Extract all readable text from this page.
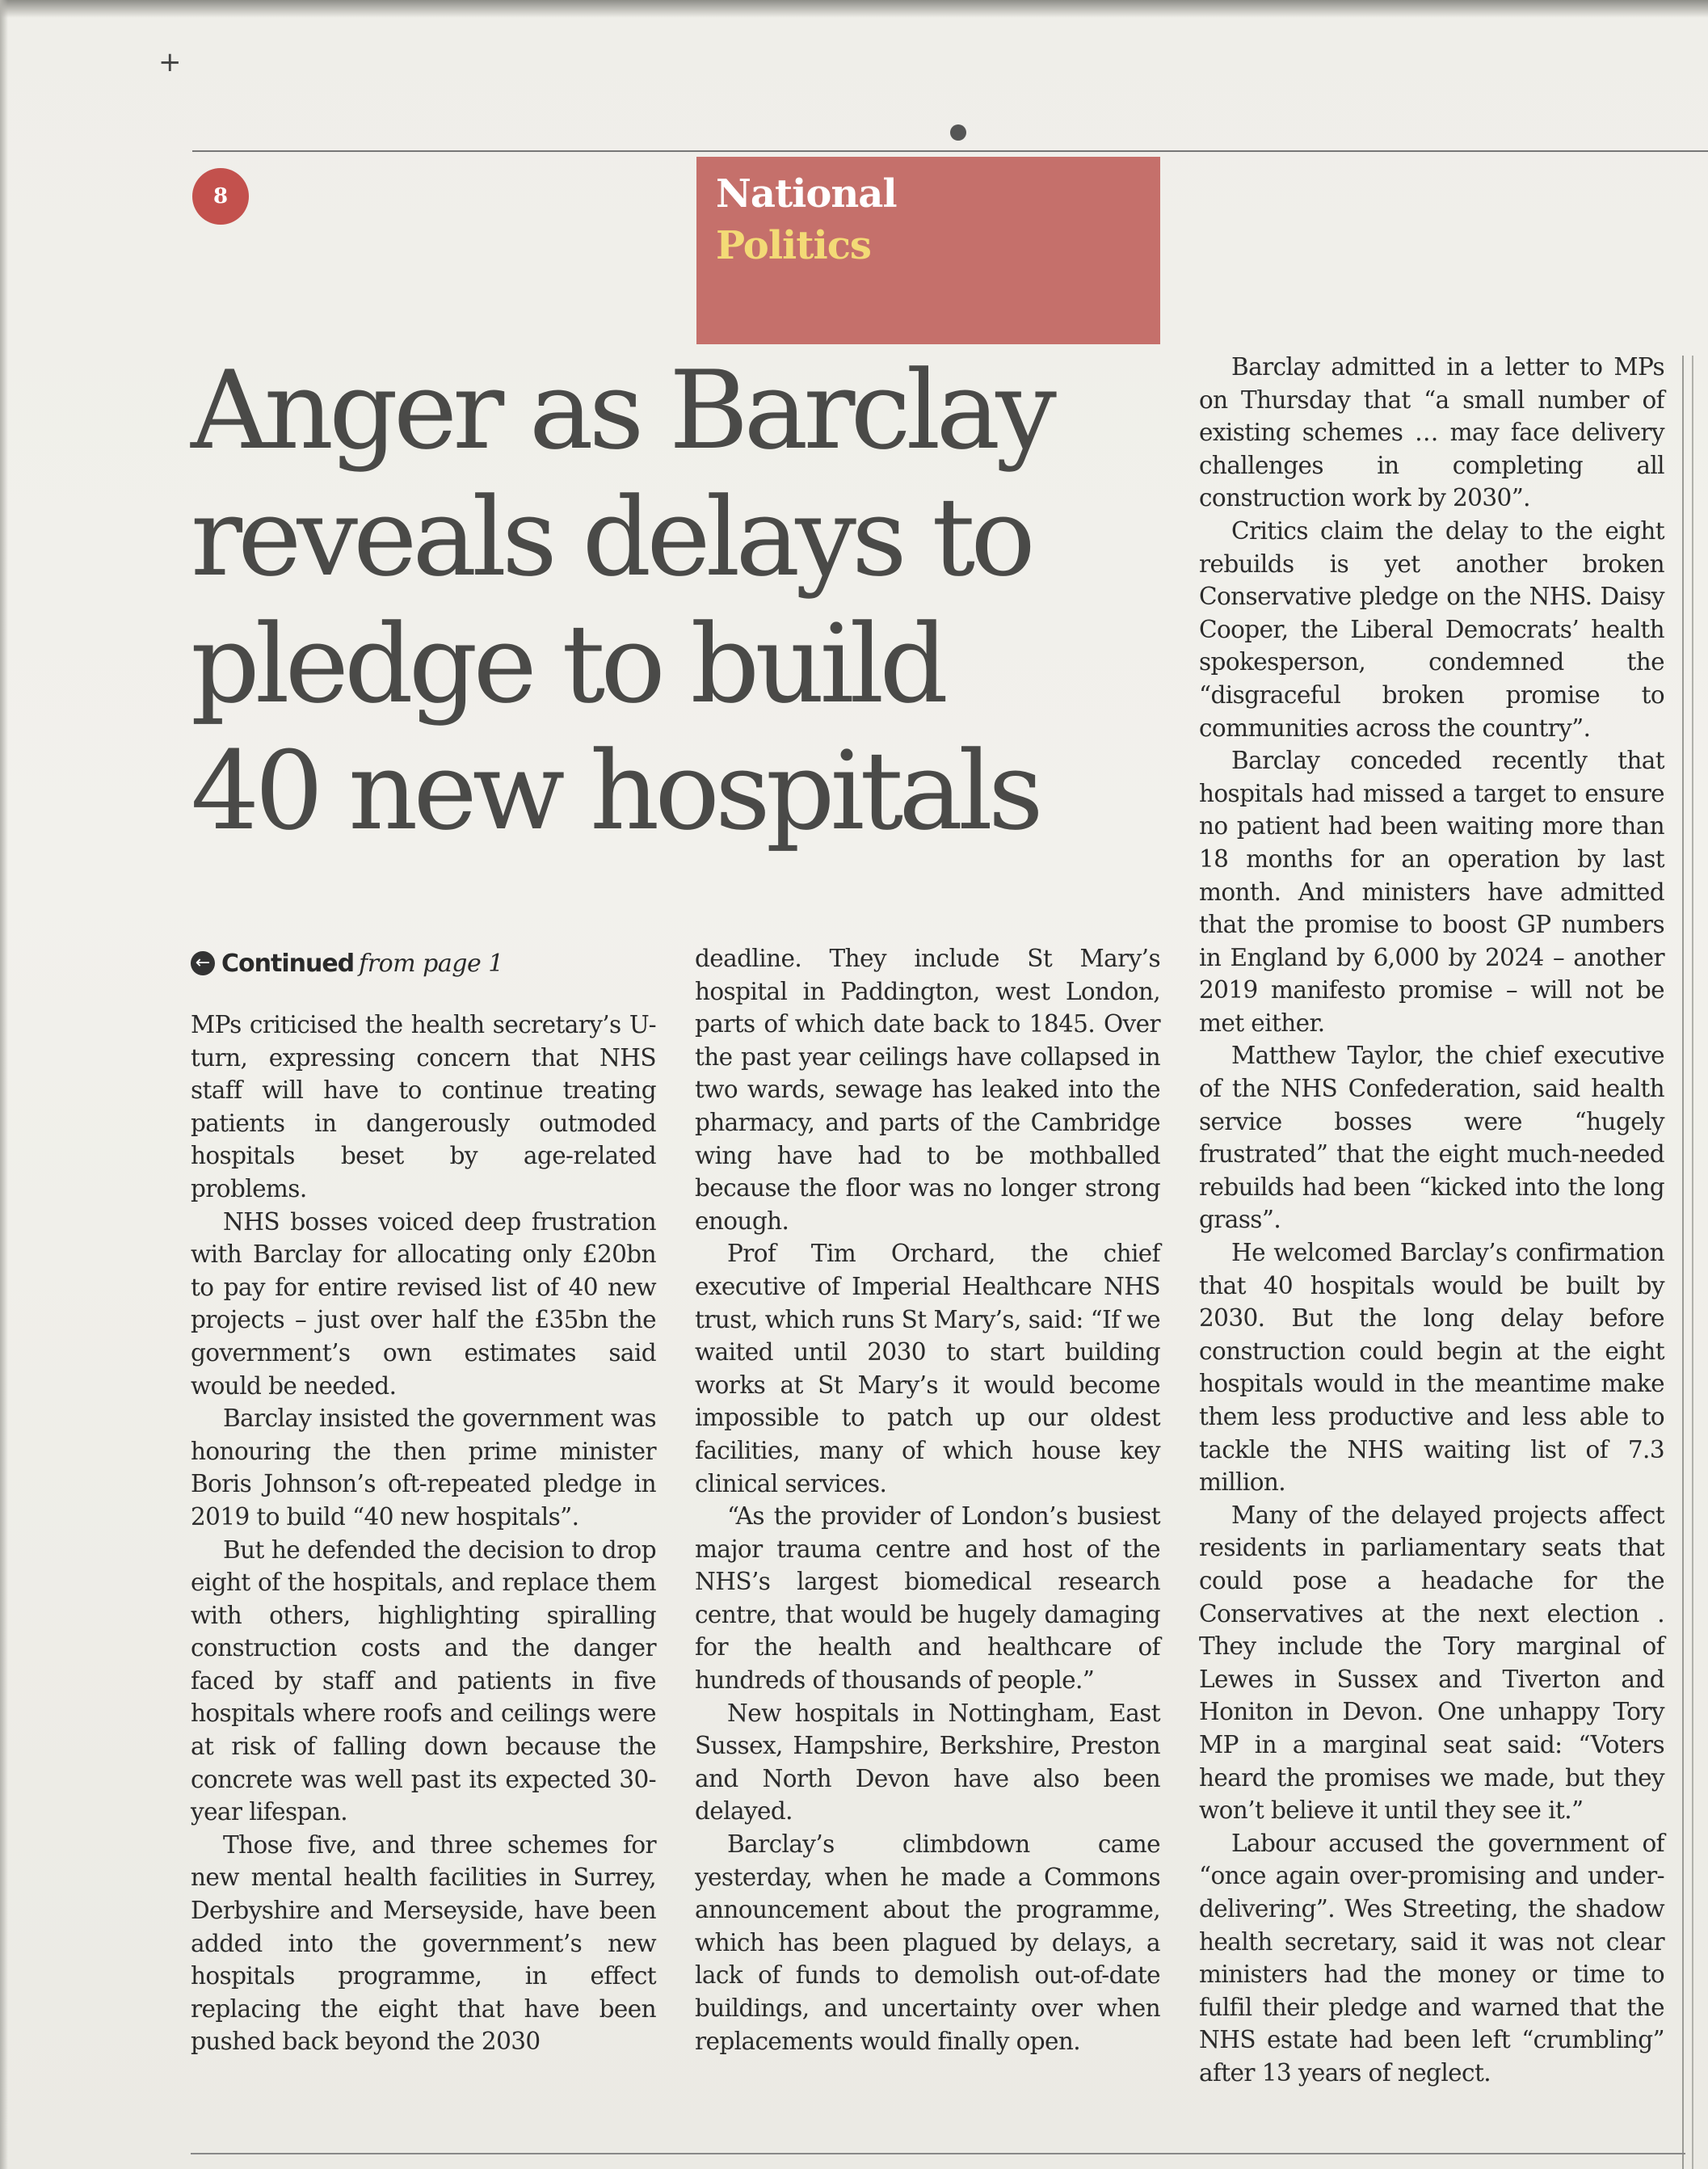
+
8	National
Politics
Anger as Barclay
reveals delays to
pledge to build
40 new hospitals
← Continued from page 1

MPs criticised the health secretary’s U-turn, expressing concern that NHS staff will have to continue treating patients in dangerously outmoded hospitals beset by age-related problems.

NHS bosses voiced deep frustration with Barclay for allocating only £20bn to pay for entire revised list of 40 new projects – just over half the £35bn the government’s own estimates said would be needed.

Barclay insisted the government was honouring the then prime minister Boris Johnson’s oft-repeated pledge in 2019 to build “40 new hospitals”.

But he defended the decision to drop eight of the hospitals, and replace them with others, highlighting spiralling construction costs and the danger faced by staff and patients in five hospitals where roofs and ceilings were at risk of falling down because the concrete was well past its expected 30-year lifespan.

Those five, and three schemes for new mental health facilities in Surrey, Derbyshire and Merseyside, have been added into the government’s new hospitals programme, in effect replacing the eight that have been pushed back beyond the 2030

deadline. They include St Mary’s hospital in Paddington, west London, parts of which date back to 1845. Over the past year ceilings have collapsed in two wards, sewage has leaked into the pharmacy, and parts of the Cambridge wing have had to be mothballed because the floor was no longer strong enough.

Prof Tim Orchard, the chief executive of Imperial Healthcare NHS trust, which runs St Mary’s, said: “If we waited until 2030 to start building works at St Mary’s it would become impossible to patch up our oldest facilities, many of which house key clinical services.

“As the provider of London’s busiest major trauma centre and host of the NHS’s largest biomedical research centre, that would be hugely damaging for the health and healthcare of hundreds of thousands of people.”

New hospitals in Nottingham, East Sussex, Hampshire, Berkshire, Preston and North Devon have also been delayed.

Barclay’s climbdown came yesterday, when he made a Commons announcement about the programme, which has been plagued by delays, a lack of funds to demolish out-of-date buildings, and uncertainty over when replacements would finally open.

Barclay admitted in a letter to MPs on Thursday that “a small number of existing schemes … may face delivery challenges in completing all construction work by 2030”.

Critics claim the delay to the eight rebuilds is yet another broken Conservative pledge on the NHS. Daisy Cooper, the Liberal Democrats’ health spokesperson, condemned the “disgraceful broken promise to communities across the country”.

Barclay conceded recently that hospitals had missed a target to ensure no patient had been waiting more than 18 months for an operation by last month. And ministers have admitted that the promise to boost GP numbers in England by 6,000 by 2024 – another 2019 manifesto promise – will not be met either.

Matthew Taylor, the chief executive of the NHS Confederation, said health service bosses were “hugely frustrated” that the eight much-needed rebuilds had been “kicked into the long grass”.

He welcomed Barclay’s confirmation that 40 hospitals would be built by 2030. But the long delay before construction could begin at the eight hospitals would in the meantime make them less productive and less able to tackle the NHS waiting list of 7.3 million.

Many of the delayed projects affect residents in parliamentary seats that could pose a headache for the Conservatives at the next election . They include the Tory marginal of Lewes in Sussex and Tiverton and Honiton in Devon. One unhappy Tory MP in a marginal seat said: “Voters heard the promises we made, but they won’t believe it until they see it.”

Labour accused the government of “once again over-promising and under-delivering”. Wes Streeting, the shadow health secretary, said it was not clear ministers had the money or time to fulfil their pledge and warned that the NHS estate had been left “crumbling” after 13 years of neglect.
